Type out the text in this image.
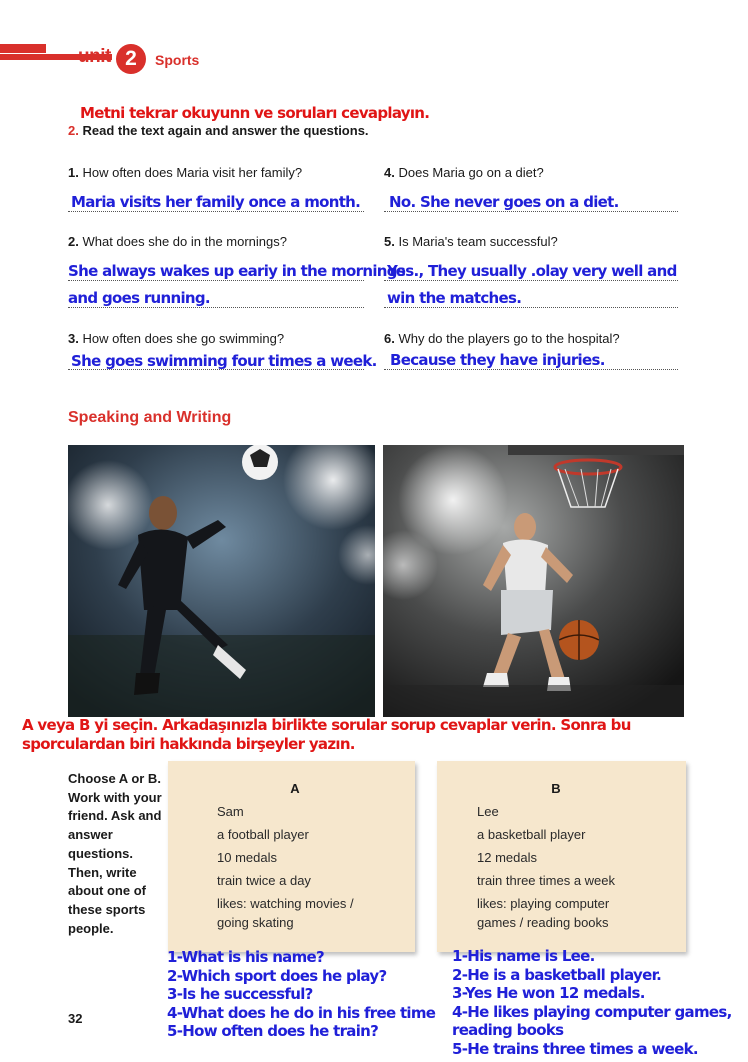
unit 2	Sports
Metni tekrar okuyunn ve soruları cevaplayın.
2. Read the text again and answer the questions.
1. How often does Maria visit her family?
Maria visits her family once a month.
2. What does she do in the mornings?
She always wakes up eariy in the mornings
and goes running.
3. How often does she go swimming?
She goes swimming four times a week.
4. Does Maria go on a diet?
No. She never goes on a diet.
5. Is Maria's team successful?
Yes., They usually .olay very well and
win the matches.
6. Why do the players go to the hospital?
Because they have injuries.
Speaking and Writing
A veya B yi seçin. Arkadaşınızla birlikte sorular sorup cevaplar verin. Sonra bu sporculardan biri hakkında birşeyler yazın.
Choose A or B. Work with your friend. Ask and answer questions. Then, write about one of these sports people.
A
Sam
a football player
10 medals
train twice a day
likes: watching movies /
going skating
B
Lee
a basketball player
12 medals
train three times a week
likes: playing computer
games / reading books
1-What is his name?
2-Which sport does he play?
3-Is he successful?
4-What does he do in his free time
5-How often does he train?
1-His name is Lee.
2-He is a basketball player.
3-Yes He won 12 medals.
4-He likes playing computer games,
reading books
5-He trains three times a week.
32
